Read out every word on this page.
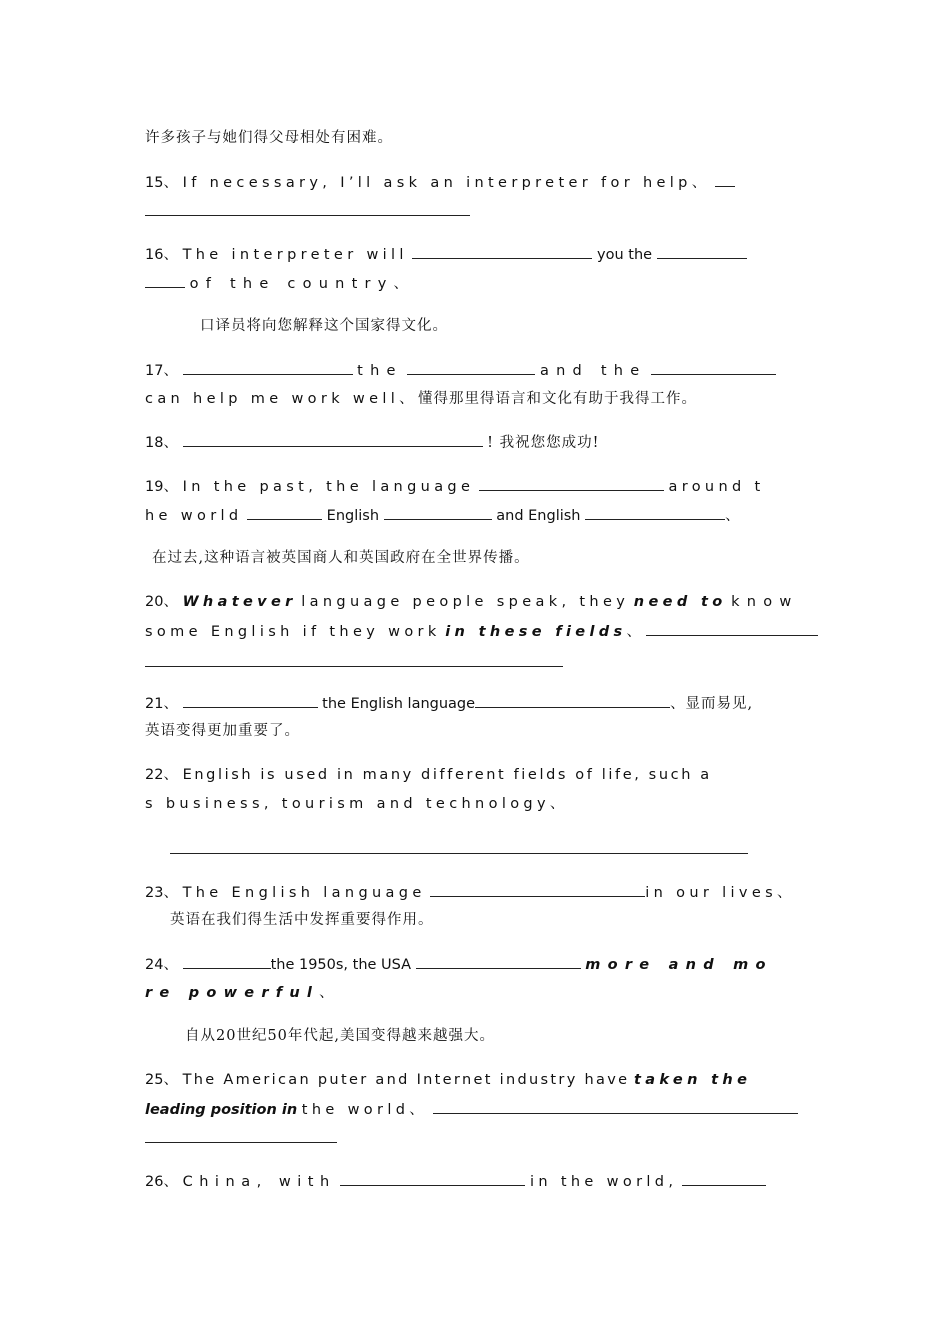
许多孩子与她们得父母相处有困难。
15、 If necessary, I’ll ask an interpreter for help、
16、 The interpreter will	you the
of the country、
口译员将向您解释这个国家得文化。
17、	the	and the
can help me work well、懂得那里得语言和文化有助于我得工作。
18、	! 我祝您您成功!
19、 In the past, the language	around t
he world	English	and English	、
在过去,这种语言被英国商人和英国政府在全世界传播。
20、 Whatever language people speak, they need to know
some English if they work in these fields、
21、	the English language	、显而易见,
英语变得更加重要了。
22、 English is used in many different fields of life, such a
s business, tourism and technology、
23、 The English language	in our lives、
英语在我们得生活中发挥重要得作用。
24、	the 1950s, the USA	more and mo
re powerful、
自从20世纪50年代起,美国变得越来越强大。
25、 The American puter and Internet industry have taken the
leading position in the world、
26、 China, with	in the world,
